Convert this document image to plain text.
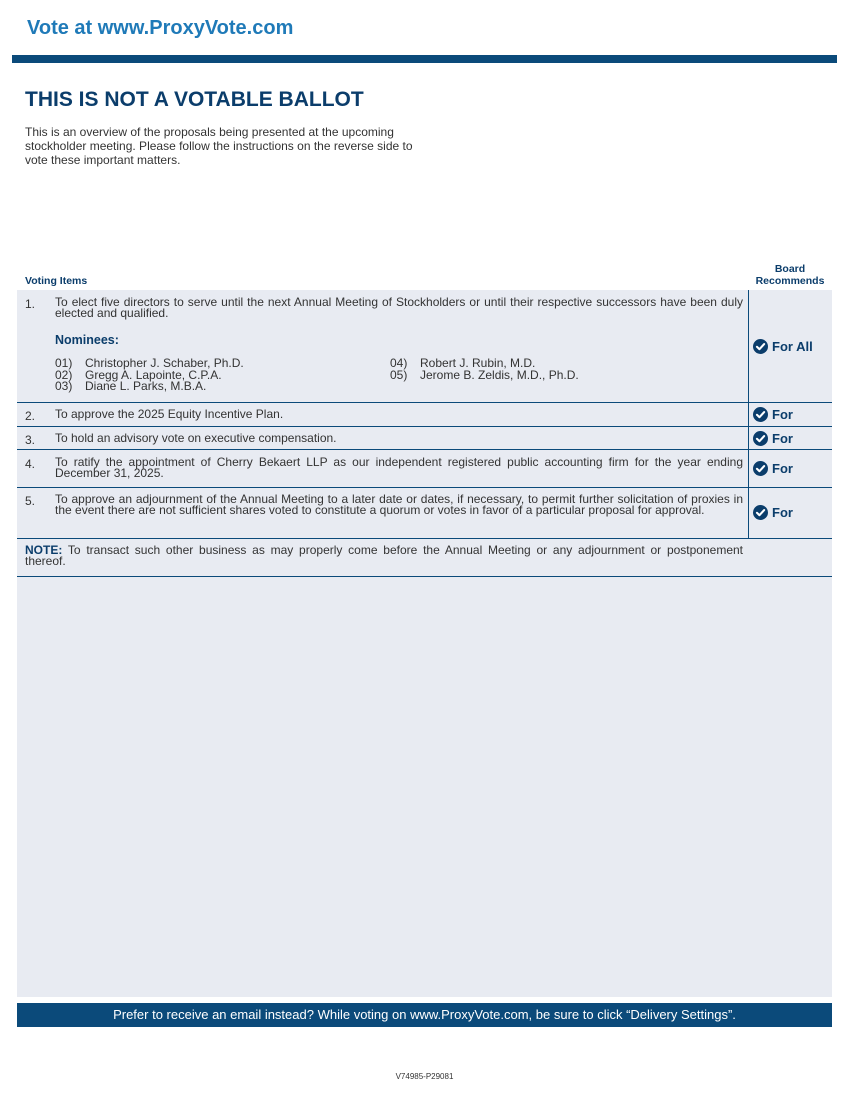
Vote at www.ProxyVote.com
THIS IS NOT A VOTABLE BALLOT
This is an overview of the proposals being presented at the upcoming stockholder meeting. Please follow the instructions on the reverse side to vote these important matters.
Voting Items
Board
Recommends
1. To elect five directors to serve until the next Annual Meeting of Stockholders or until their respective successors have been duly elected and qualified.
Nominees:
01) Christopher J. Schaber, Ph.D.
02) Gregg A. Lapointe, C.P.A.
03) Diane L. Parks, M.B.A.
04) Robert J. Rubin, M.D.
05) Jerome B. Zeldis, M.D., Ph.D.
For All
2. To approve the 2025 Equity Incentive Plan.	For
3. To hold an advisory vote on executive compensation.	For
4. To ratify the appointment of Cherry Bekaert LLP as our independent registered public accounting firm for the year ending December 31, 2025.	For
5. To approve an adjournment of the Annual Meeting to a later date or dates, if necessary, to permit further solicitation of proxies in the event there are not sufficient shares voted to constitute a quorum or votes in favor of a particular proposal for approval.	For
NOTE: To transact such other business as may properly come before the Annual Meeting or any adjournment or postponement thereof.
Prefer to receive an email instead? While voting on www.ProxyVote.com, be sure to click “Delivery Settings”.
V74985-P29081
